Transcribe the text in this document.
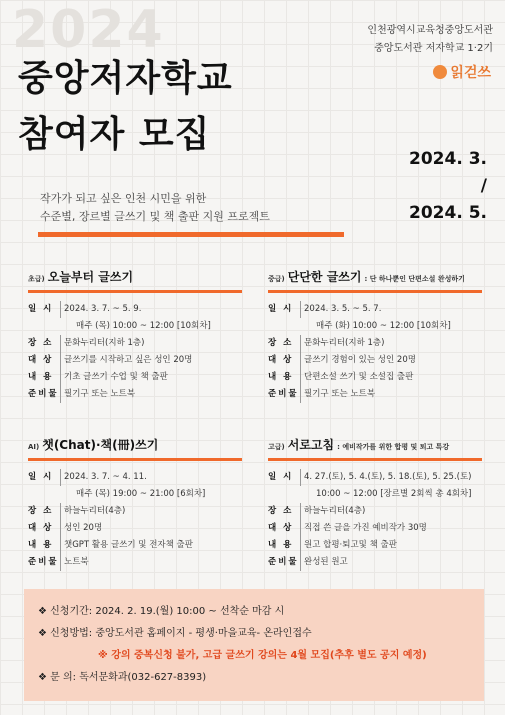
2024
중앙저자학교
참여자 모집
인천광역시교육청중앙도서관
중앙도서관 저자학교 1·2기
읽걷쓰
2024. 3.
/
2024. 5.
작가가 되고 싶은 인천 시민을 위한
수준별, 장르별 글쓰기 및 책 출판 지원 프로젝트
초급) 오늘부터 글쓰기
일 시	2024. 3. 7. ~ 5. 9.
매주 (목) 10:00 ~ 12:00 [10회차]
장 소	문화누리터(지하 1층)
대 상	글쓰기를 시작하고 싶은 성인 20명
내 용	기초 글쓰기 수업 및 책 출판
준비물 필기구 또는 노트북
중급) 단단한 글쓰기 : 단 하나뿐인 단편소설 완성하기
일 시	2024. 3. 5. ~ 5. 7.
매주 (화) 10:00 ~ 12:00 [10회차]
장 소	문화누리터(지하 1층)
대 상	글쓰기 경험이 있는 성인 20명
내 용	단편소설 쓰기 및 소설집 출판
준비물 필기구 또는 노트북
AI) 챗(Chat)·책(冊)쓰기
일 시	2024. 3. 7. ~ 4. 11.
매주 (목) 19:00 ~ 21:00 [6회차]
장 소	하늘누리터(4층)
대 상	성인 20명
내 용	챗GPT 활용 글쓰기 및 전자책 출판
준비물 노트북
고급) 서로고침 : 예비작가를 위한 합평 및 퇴고 특강
일 시	4. 27.(토), 5. 4.(토), 5. 18.(토), 5. 25.(토)
10:00 ~ 12:00 [장르별 2회씩 총 4회차]
장 소	하늘누리터(4층)
대 상	직접 쓴 글을 가진 예비작가 30명
내 용	원고 합평·퇴고및 책 출판
준비물 완성된 원고
❖ 신청기간: 2024. 2. 19.(월) 10:00 ~ 선착순 마감 시
❖ 신청방법: 중앙도서관 홈페이지 - 평생·마을교육- 온라인접수
※ 강의 중복신청 불가, 고급 글쓰기 강의는 4월 모집(추후 별도 공지 예정)
❖ 문 의: 독서문화과(032-627-8393)
